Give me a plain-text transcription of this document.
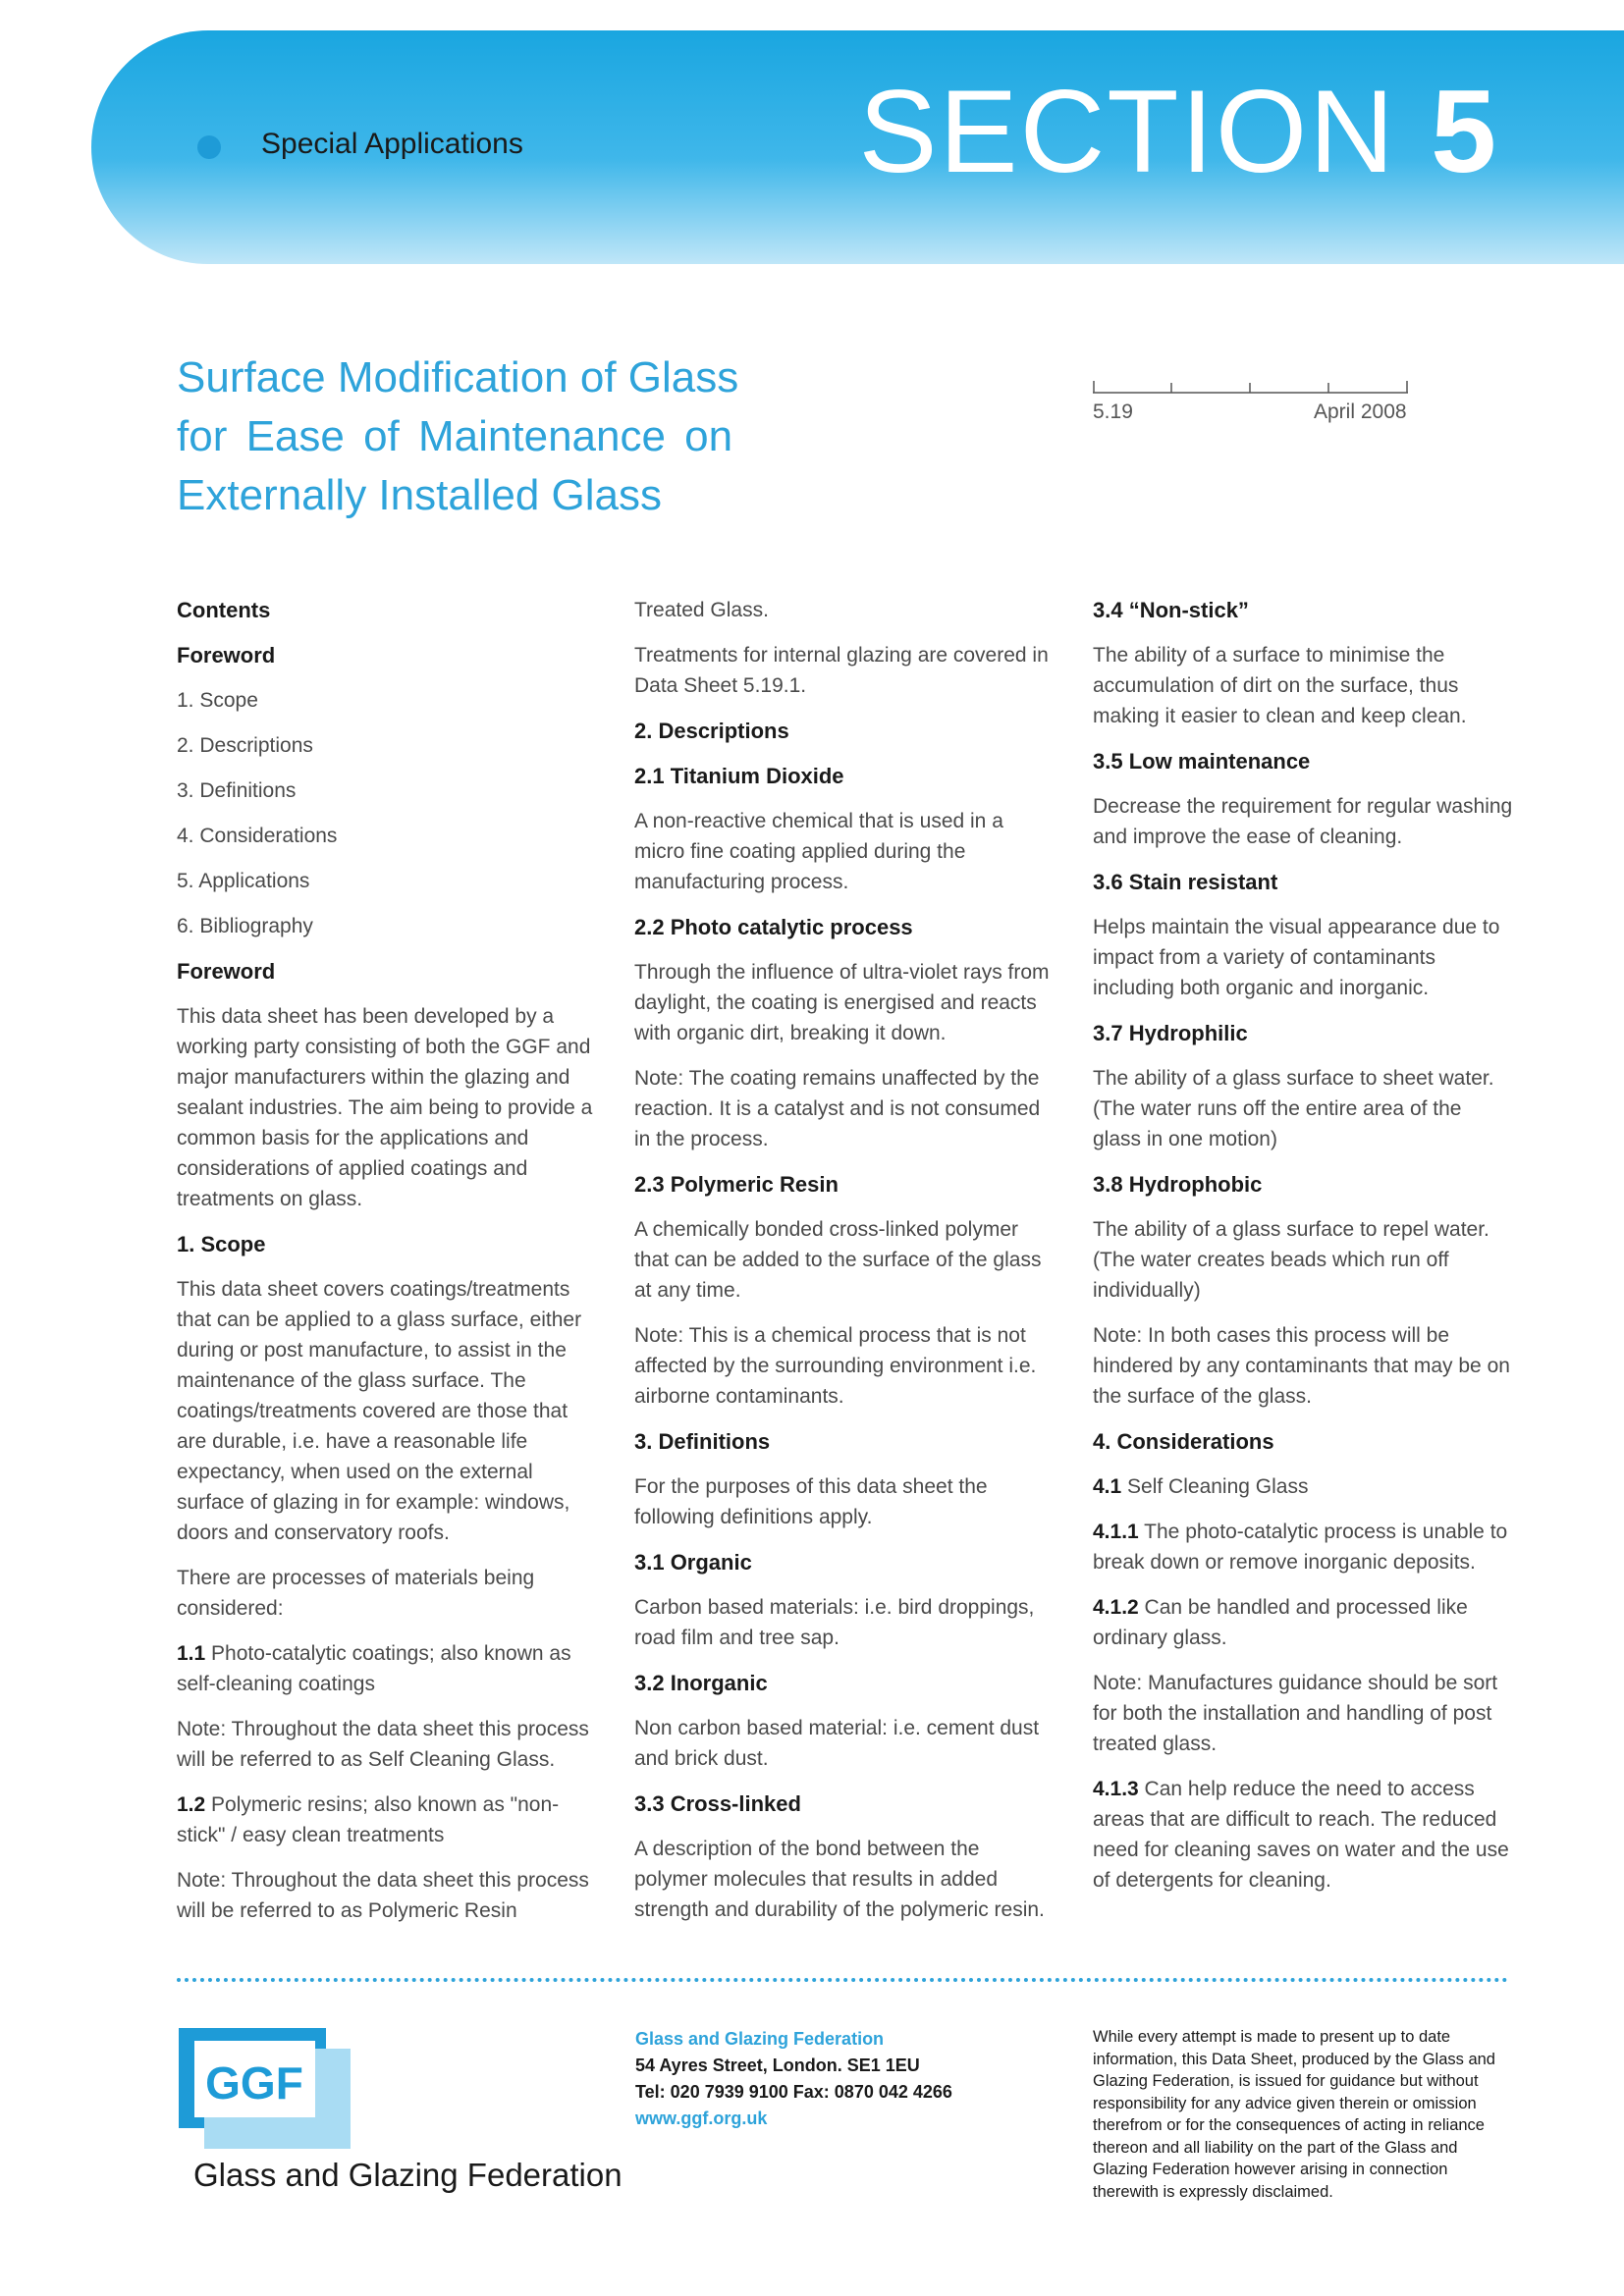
Special Applications	SECTION 5
Surface Modification of Glass
for Ease of Maintenance on
Externally Installed Glass
5.19	April 2008
Contents
Foreword
1. Scope
2. Descriptions
3. Definitions
4. Considerations
5. Applications
6. Bibliography
Foreword

This data sheet has been developed by a working party consisting of both the GGF and major manufacturers within the glazing and sealant industries. The aim being to provide a common basis for the applications and considerations of applied coatings and treatments on glass.

1. Scope

This data sheet covers coatings/treatments that can be applied to a glass surface, either during or post manufacture, to assist in the maintenance of the glass surface. The coatings/treatments covered are those that are durable, i.e. have a reasonable life expectancy, when used on the external surface of glazing in for example: windows, doors and conservatory roofs.

There are processes of materials being considered:

1.1 Photo-catalytic coatings; also known as self-cleaning coatings

Note: Throughout the data sheet this process will be referred to as Self Cleaning Glass.

1.2 Polymeric resins; also known as "non-stick" / easy clean treatments

Note: Throughout the data sheet this process will be referred to as Polymeric Resin

Treated Glass.

Treatments for internal glazing are covered in Data Sheet 5.19.1.

2. Descriptions
2.1 Titanium Dioxide

A non-reactive chemical that is used in a micro fine coating applied during the manufacturing process.

2.2 Photo catalytic process

Through the influence of ultra-violet rays from daylight, the coating is energised and reacts with organic dirt, breaking it down.

Note: The coating remains unaffected by the reaction. It is a catalyst and is not consumed in the process.

2.3 Polymeric Resin

A chemically bonded cross-linked polymer that can be added to the surface of the glass at any time.

Note: This is a chemical process that is not affected by the surrounding environment i.e. airborne contaminants.

3. Definitions

For the purposes of this data sheet the following definitions apply.

3.1 Organic

Carbon based materials: i.e. bird droppings, road film and tree sap.

3.2 Inorganic

Non carbon based material: i.e. cement dust and brick dust.

3.3 Cross-linked

A description of the bond between the polymer molecules that results in added strength and durability of the polymeric resin.

3.4 “Non-stick”

The ability of a surface to minimise the accumulation of dirt on the surface, thus making it easier to clean and keep clean.

3.5 Low maintenance

Decrease the requirement for regular washing and improve the ease of cleaning.

3.6 Stain resistant

Helps maintain the visual appearance due to impact from a variety of contaminants including both organic and inorganic.

3.7 Hydrophilic

The ability of a glass surface to sheet water. (The water runs off the entire area of the glass in one motion)

3.8 Hydrophobic

The ability of a glass surface to repel water. (The water creates beads which run off individually)

Note: In both cases this process will be hindered by any contaminants that may be on the surface of the glass.

4. Considerations

4.1 Self Cleaning Glass

4.1.1 The photo-catalytic process is unable to break down or remove inorganic deposits.

4.1.2 Can be handled and processed like ordinary glass.

Note: Manufactures guidance should be sort for both the installation and handling of post treated glass.

4.1.3 Can help reduce the need to access areas that are difficult to reach. The reduced need for cleaning saves on water and the use of detergents for cleaning.

GGF
Glass and Glazing Federation
Glass and Glazing Federation
54 Ayres Street, London. SE1 1EU
Tel: 020 7939 9100 Fax: 0870 042 4266
www.ggf.org.uk
While every attempt is made to present up to date information, this Data Sheet, produced by the Glass and Glazing Federation, is issued for guidance but without responsibility for any advice given therein or omission therefrom or for the consequences of acting in reliance thereon and all liability on the part of the Glass and Glazing Federation however arising in connection therewith is expressly disclaimed.
